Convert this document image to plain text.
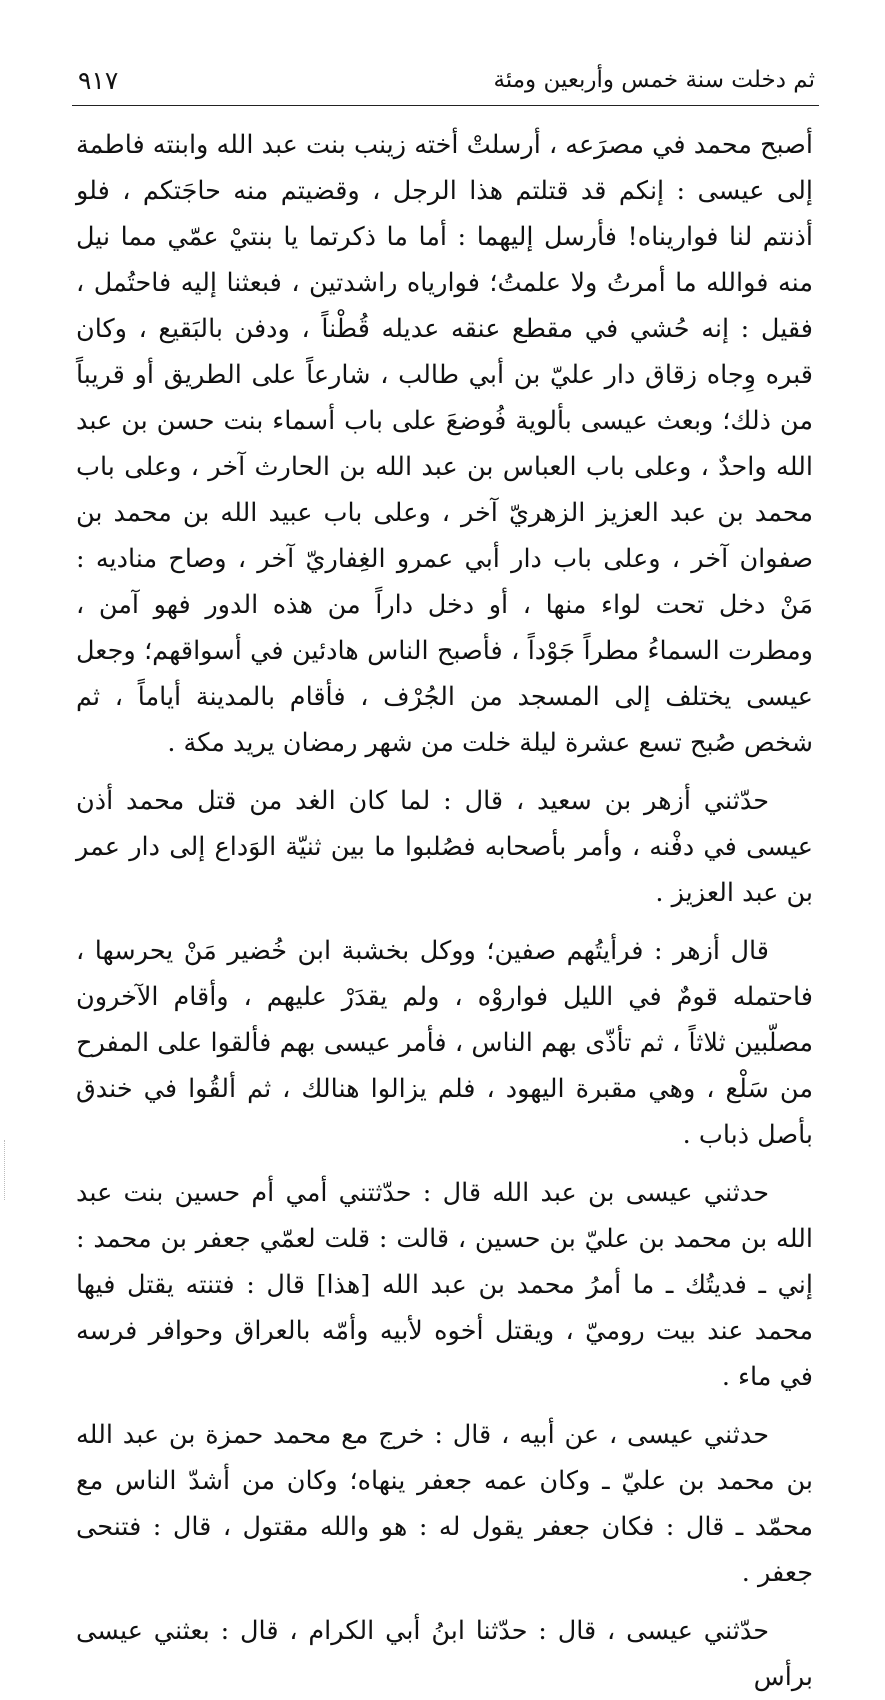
ثم دخلت سنة خمس وأربعين ومئة
٩١٧

أصبح محمد في مصرَعه ، أرسلتْ أخته زينب بنت عبد الله وابنته فاطمة إلى عيسى : إنكم قد قتلتم هذا الرجل ، وقضيتم منه حاجَتكم ، فلو أذنتم لنا فواريناه! فأرسل إليهما : أما ما ذكرتما يا بنتيْ عمّي مما نيل منه فوالله ما أمرتُ ولا علمتُ؛ فوارياه راشدتين ، فبعثنا إليه فاحتُمل ، فقيل : إنه حُشي في مقطع عنقه عديله قُطْناً ، ودفن بالبَقيع ، وكان قبره وِجاه زقاق دار عليّ بن أبي طالب ، شارعاً على الطريق أو قريباً من ذلك؛ وبعث عيسى بألوية فُوضعَ على باب أسماء بنت حسن بن عبد الله واحدٌ ، وعلى باب العباس بن عبد الله بن الحارث آخر ، وعلى باب محمد بن عبد العزيز الزهريّ آخر ، وعلى باب عبيد الله بن محمد بن صفوان آخر ، وعلى باب دار أبي عمرو الغِفاريّ آخر ، وصاح مناديه : مَنْ دخل تحت لواء منها ، أو دخل داراً من هذه الدور فهو آمن ، ومطرت السماءُ مطراً جَوْداً ، فأصبح الناس هادئين في أسواقهم؛ وجعل عيسى يختلف إلى المسجد من الجُرْف ، فأقام بالمدينة أياماً ، ثم شخص صُبح تسع عشرة ليلة خلت من شهر رمضان يريد مكة .

حدّثني أزهر بن سعيد ، قال : لما كان الغد من قتل محمد أذن عيسى في دفْنه ، وأمر بأصحابه فصُلبوا ما بين ثنيّة الوَداع إلى دار عمر بن عبد العزيز .

قال أزهر : فرأيتُهم صفين؛ ووكل بخشبة ابن خُضير مَنْ يحرسها ، فاحتمله قومٌ في الليل فواروْه ، ولم يقدَرْ عليهم ، وأقام الآخرون مصلّبين ثلاثاً ، ثم تأذّى بهم الناس ، فأمر عيسى بهم فألقوا على المفرح من سَلْع ، وهي مقبرة اليهود ، فلم يزالوا هنالك ، ثم ألقُوا في خندق بأصل ذباب .

حدثني عيسى بن عبد الله قال : حدّثتني أمي أم حسين بنت عبد الله بن محمد بن عليّ بن حسين ، قالت : قلت لعمّي جعفر بن محمد : إني ـ فديتُك ـ ما أمرُ محمد بن عبد الله [هذا] قال : فتنته يقتل فيها محمد عند بيت روميّ ، ويقتل أخوه لأبيه وأمّه بالعراق وحوافر فرسه في ماء .

حدثني عيسى ، عن أبيه ، قال : خرج مع محمد حمزة بن عبد الله بن محمد بن عليّ ـ وكان عمه جعفر ينهاه؛ وكان من أشدّ الناس مع محمّد ـ قال : فكان جعفر يقول له : هو والله مقتول ، قال : فتنحى جعفر .

حدّثني عيسى ، قال : حدّثنا ابنُ أبي الكرام ، قال : بعثني عيسى برأس
